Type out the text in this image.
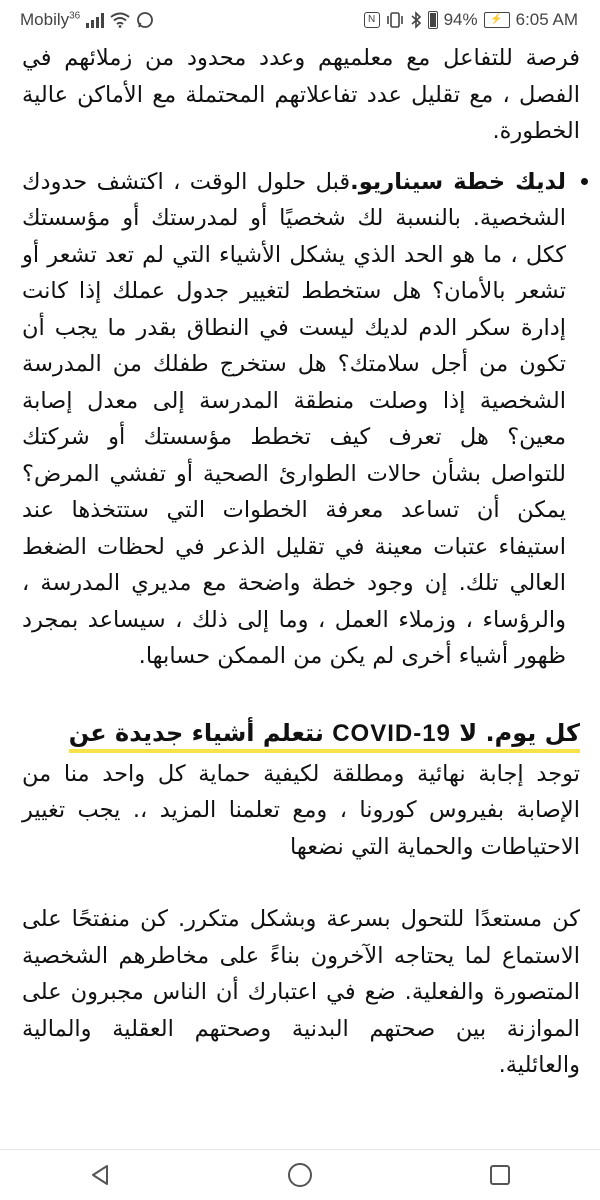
Mobily$^{36}$	N	94%	⚡ 6:05 AM

فرصة للتفاعل مع معلميهم وعدد محدود من زملائهم في الفصل ، مع تقليل عدد تفاعلاتهم المحتملة مع الأماكن عالية الخطورة.

لديك خطة سيناريو.قبل حلول الوقت ، اكتشف حدودك الشخصية. بالنسبة لك شخصيًا أو لمدرستك أو مؤسستك ككل ، ما هو الحد الذي يشكل الأشياء التي لم تعد تشعر أو تشعر بالأمان؟ هل ستخطط لتغيير جدول عملك إذا كانت إدارة سكر الدم لديك ليست في النطاق بقدر ما يجب أن تكون من أجل سلامتك؟ هل ستخرج طفلك من المدرسة الشخصية إذا وصلت منطقة المدرسة إلى معدل إصابة معين؟ هل تعرف كيف تخطط مؤسستك أو شركتك للتواصل بشأن حالات الطوارئ الصحية أو تفشي المرض؟ يمكن أن تساعد معرفة الخطوات التي ستتخذها عند استيفاء عتبات معينة في تقليل الذعر في لحظات الضغط العالي تلك. إن وجود خطة واضحة مع مديري المدرسة ، والرؤساء ، وزملاء العمل ، وما إلى ذلك ، سيساعد بمجرد ظهور أشياء أخرى لم يكن من الممكن حسابها.

كل يوم. لا COVID-19 نتعلم أشياء جديدة عن

توجد إجابة نهائية ومطلقة لكيفية حماية كل واحد منا من الإصابة بفيروس كورونا ، ومع تعلمنا المزيد ،. يجب تغيير الاحتياطات والحماية التي نضعها

كن مستعدًا للتحول بسرعة وبشكل متكرر. كن منفتحًا على الاستماع لما يحتاجه الآخرون بناءً على مخاطرهم الشخصية المتصورة والفعلية. ضع في اعتبارك أن الناس مجبرون على الموازنة بين صحتهم البدنية وصحتهم العقلية والمالية والعائلية.
